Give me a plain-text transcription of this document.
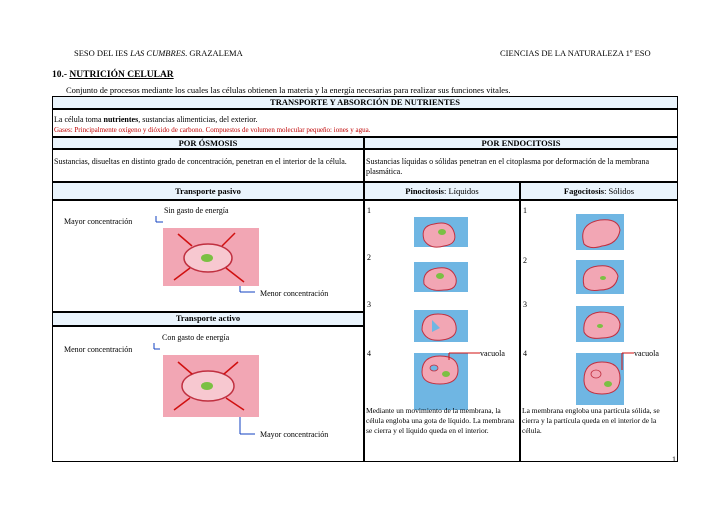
SESO DEL IES LAS CUMBRES. GRAZALEMA	CIENCIAS DE LA NATURALEZA 1º ESO
10.- NUTRICIÓN CELULAR
Conjunto de procesos mediante los cuales las células obtienen la materia y la energía necesarias para realizar sus funciones vitales.
TRANSPORTE Y ABSORCIÓN DE NUTRIENTES
La célula toma nutrientes, sustancias alimenticias, del exterior.
Gases: Principalmente oxígeno y dióxido de carbono. Compuestos de volumen molecular pequeño: iones y agua.
POR ÓSMOSIS	POR ENDOCITOSIS
Sustancias, disueltas en distinto grado de concentración, penetran en el interior de la célula.	Sustancias líquidas o sólidas penetran en el citoplasma por deformación de la membrana plasmática.
Transporte pasivo	Pinocitosis: Líquidos	Fagocitosis: Sólidos
Transporte activo
Sin gasto de energía
Mayor concentración
Menor concentración
Con gasto de energía
Menor concentración
Mayor concentración
1
2
3
4
1
2
3
4
vacuola	vacuola
Mediante un movimiento de la membrana, la célula engloba una gota de líquido. La membrana se cierra y el líquido queda en el interior.
La membrana engloba una partícula sólida, se cierra y la partícula queda en el interior de la célula.
1
